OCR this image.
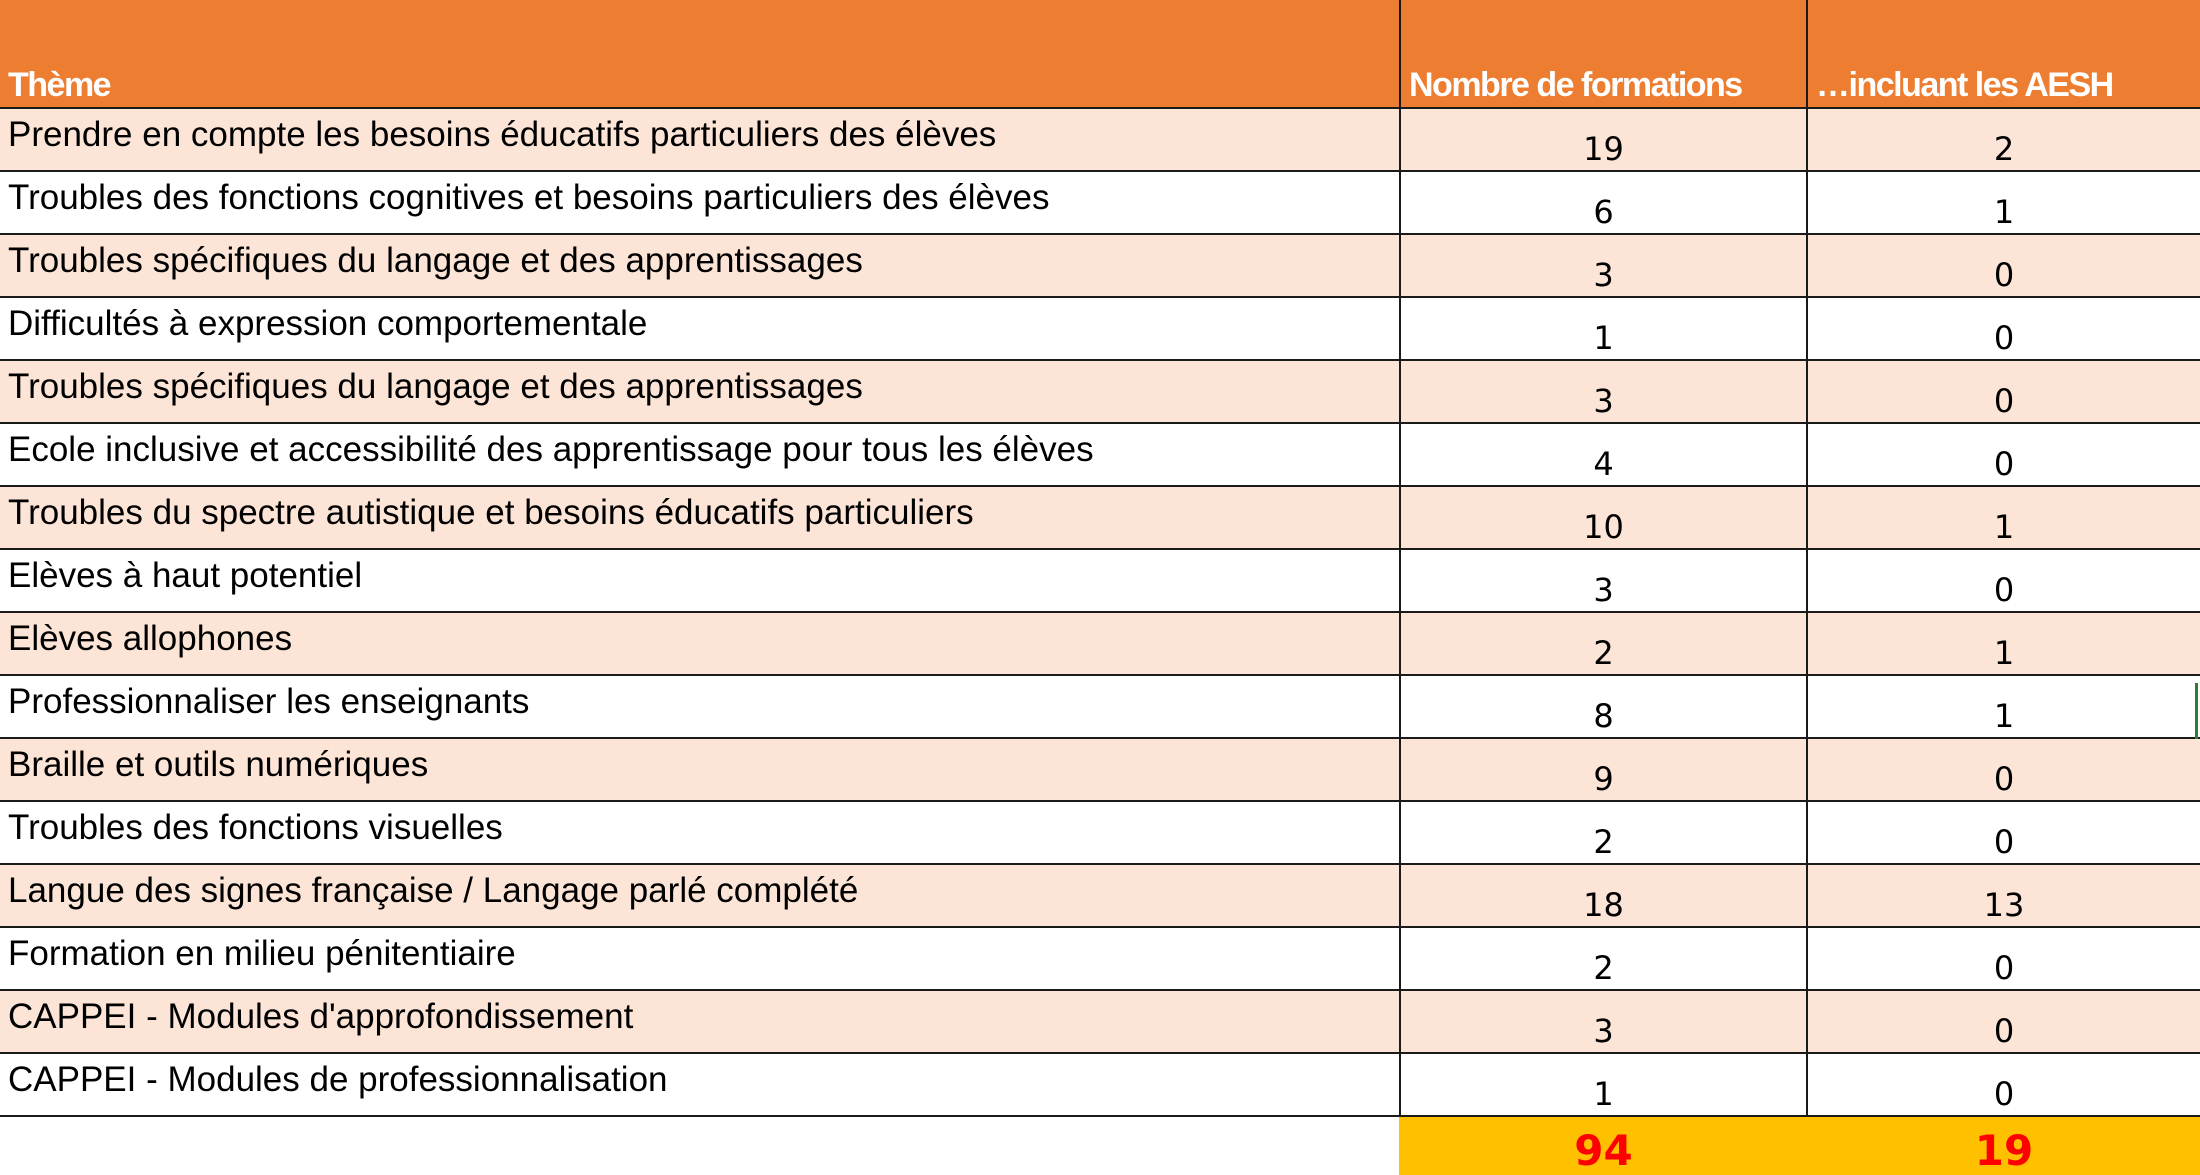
Thème	Nombre de formations	…incluant les AESH
Prendre en compte les besoins éducatifs particuliers des élèves	19	2
Troubles des fonctions cognitives et besoins particuliers des élèves	6	1
Troubles spécifiques du langage et des apprentissages	3	0
Difficultés à expression comportementale	1	0
Troubles spécifiques du langage et des apprentissages	3	0
Ecole inclusive et accessibilité des apprentissage pour tous les élèves	4	0
Troubles du spectre autistique et besoins éducatifs particuliers	10	1
Elèves à haut potentiel	3	0
Elèves allophones	2	1
Professionnaliser les enseignants	8	1
Braille et outils numériques	9	0
Troubles des fonctions visuelles	2	0
Langue des signes française / Langage parlé complété	18	13
Formation en milieu pénitentiaire	2	0
CAPPEI - Modules d'approfondissement	3	0
CAPPEI - Modules de professionnalisation	1	0
	94	19
